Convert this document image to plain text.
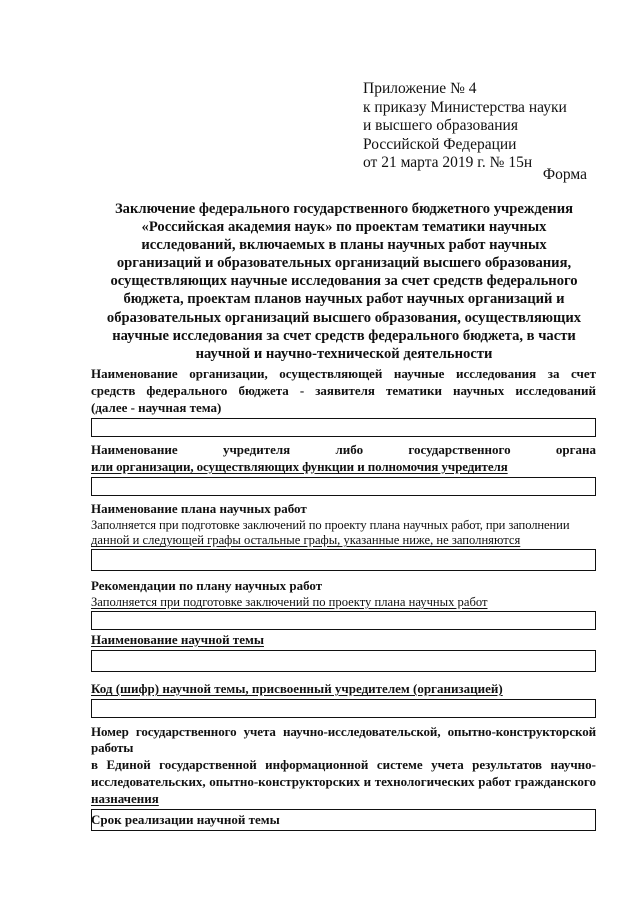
Приложение № 4
к приказу Министерства науки
и высшего образования
Российской Федерации
от 21 марта 2019 г. № 15н
Форма
Заключение федерального государственного бюджетного учреждения
«Российская академия наук» по проектам тематики научных
исследований, включаемых в планы научных работ научных
организаций и образовательных организаций высшего образования,
осуществляющих научные исследования за счет средств федерального
бюджета, проектам планов научных работ научных организаций и
образовательных организаций высшего образования, осуществляющих
научные исследования за счет средств федерального бюджета, в части
научной и научно-технической деятельности

Наименование организации, осуществляющей научные исследования за счет

средств федерального бюджета - заявителя тематики научных исследований

(далее - научная тема)

Наименование учредителя либо государственного органа

или организации, осуществляющих функции и полномочия учредителя

Наименование плана научных работ

Заполняется при подготовке заключений по проекту плана научных работ, при заполнении

данной и следующей графы остальные графы, указанные ниже, не заполняются

Рекомендации по плану научных работ

Заполняется при подготовке заключений по проекту плана научных работ

Наименование научной темы

Код (шифр) научной темы, присвоенный учредителем (организацией)

Номер государственного учета научно-исследовательской, опытно-конструкторской работы

в Единой государственной информационной системе учета результатов научно-

исследовательских, опытно-конструкторских и технологических работ гражданского

назначения

Срок реализации научной темы
